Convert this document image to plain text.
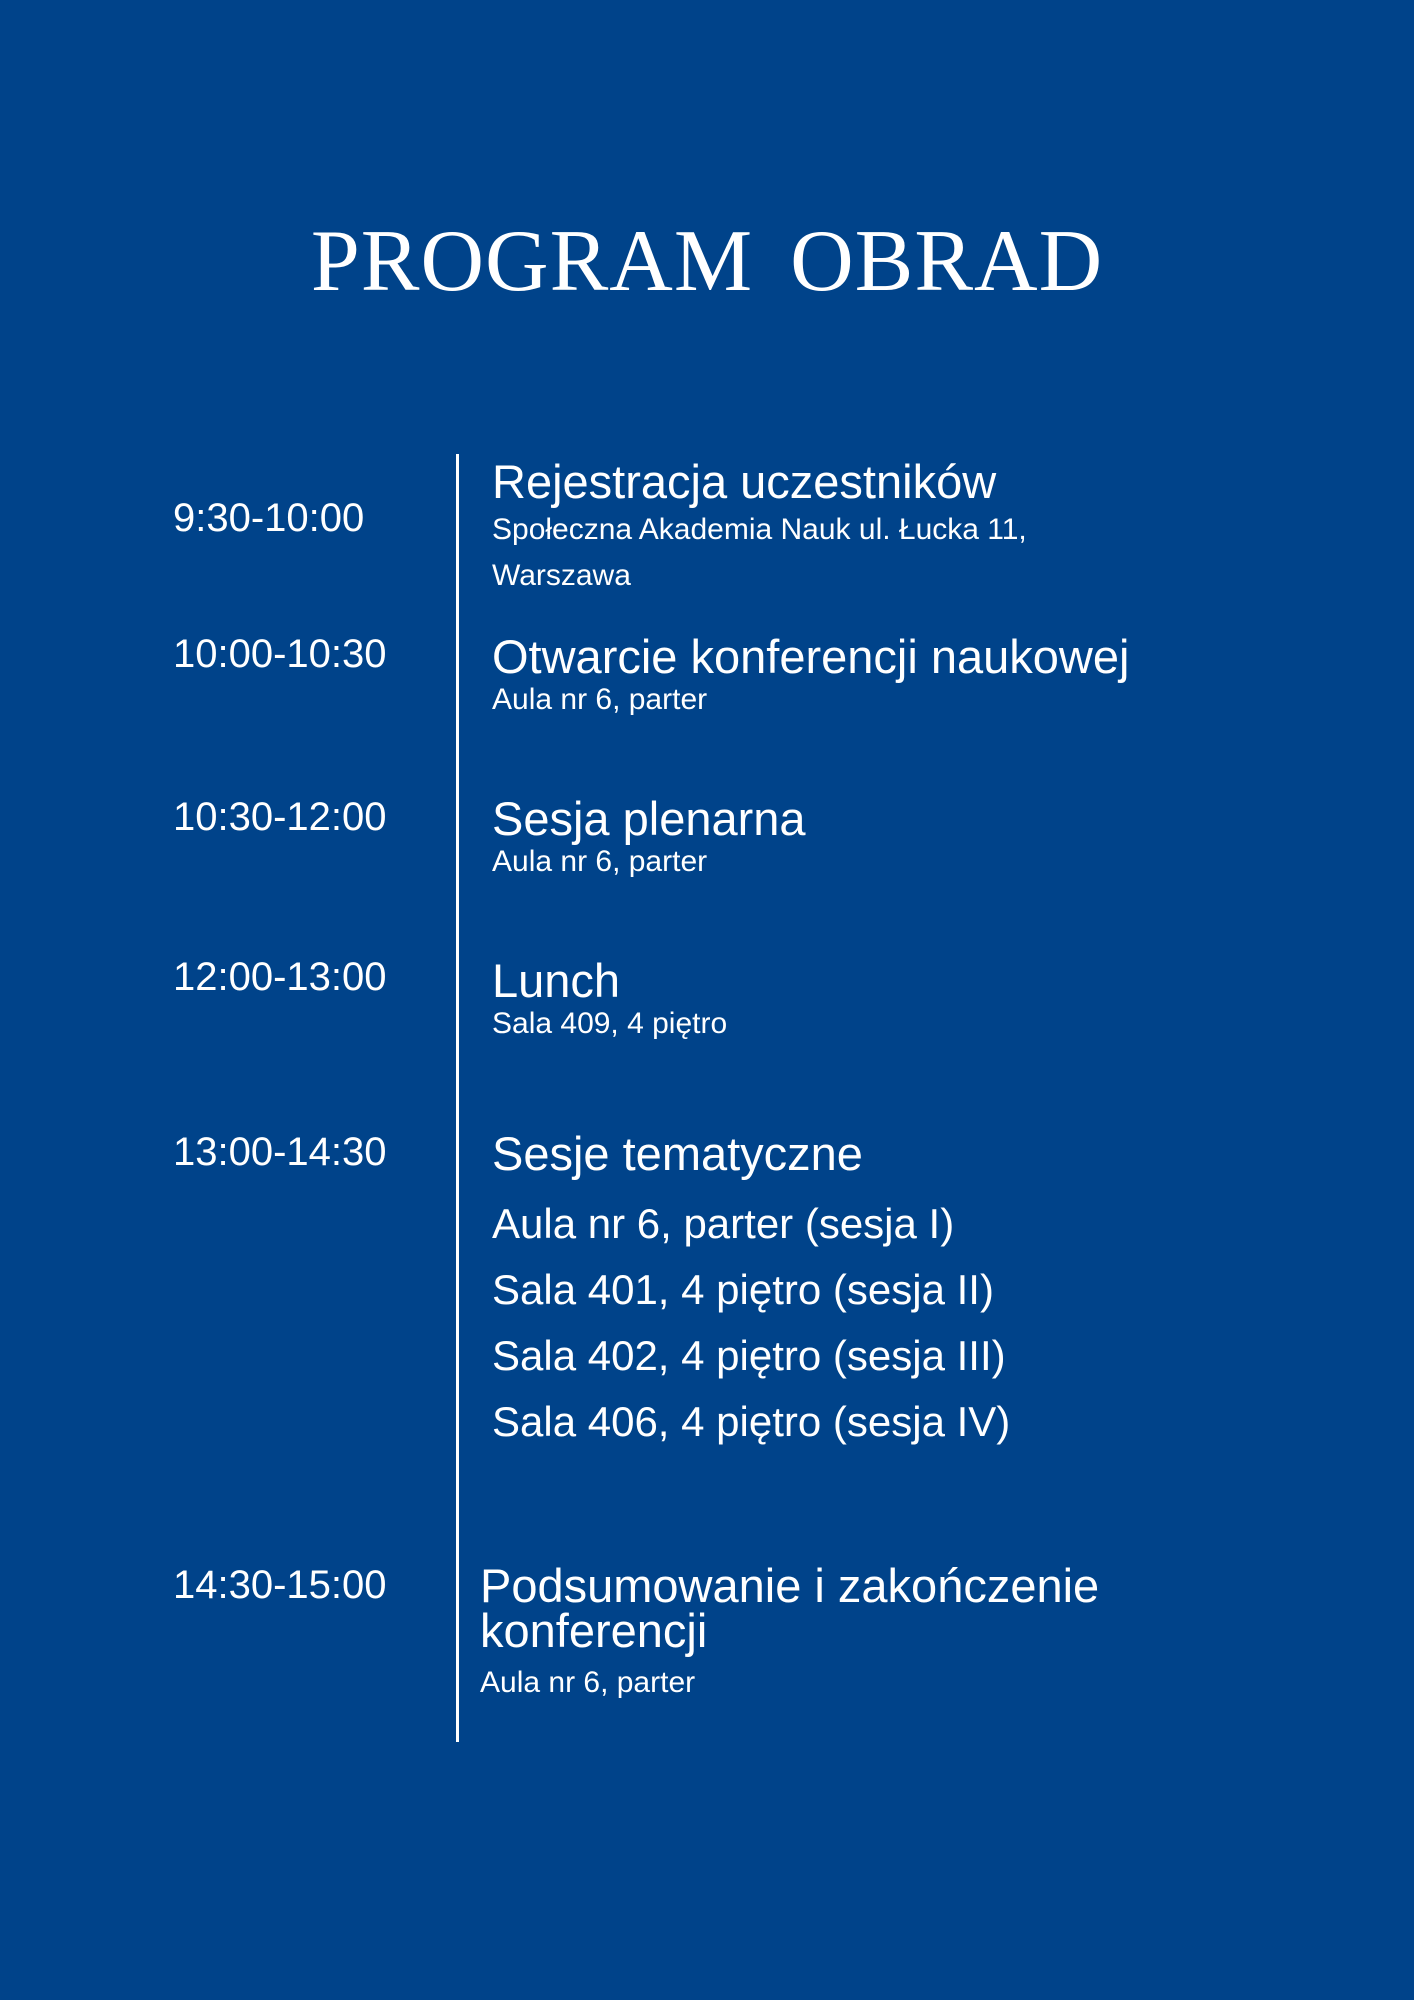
PROGRAM OBRAD
9:30-10:00

Rejestracja uczestników

Społeczna Akademia Nauk ul. Łucka 11, Warszawa

10:00-10:30 Otwarcie konferencji naukowej

Aula nr 6, parter

10:30-12:00 Sesja plenarna

Aula nr 6, parter

12:00-13:00 Lunch

Sala 409, 4 piętro

13:00-14:30 Sesje tematyczne

Aula nr 6, parter (sesja I)
Sala 401, 4 piętro (sesja II)
Sala 402, 4 piętro (sesja III)
Sala 406, 4 piętro (sesja IV)
14:30-15:00 Podsumowanie i zakończenie konferencji

Aula nr 6, parter
